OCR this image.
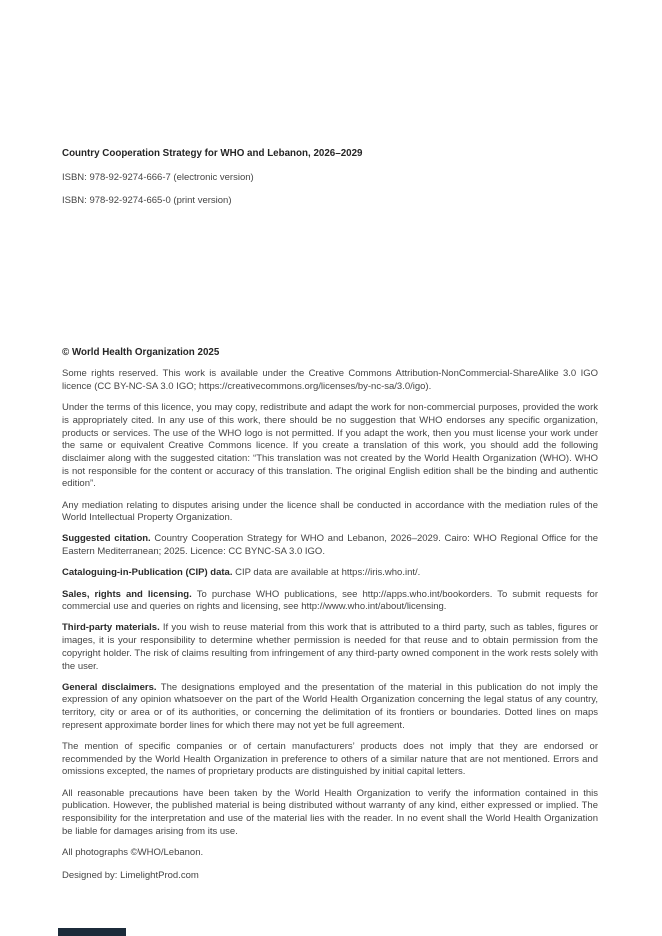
Country Cooperation Strategy for WHO and Lebanon, 2026–2029

ISBN: 978-92-9274-666-7 (electronic version)

ISBN: 978-92-9274-665-0 (print version)

© World Health Organization 2025

Some rights reserved. This work is available under the Creative Commons Attribution-NonCommercial-ShareAlike 3.0 IGO licence (CC BY-NC-SA 3.0 IGO; https://creativecommons.org/licenses/by-nc-sa/3.0/igo).

Under the terms of this licence, you may copy, redistribute and adapt the work for non-commercial purposes, provided the work is appropriately cited. In any use of this work, there should be no suggestion that WHO endorses any specific organization, products or services. The use of the WHO logo is not permitted. If you adapt the work, then you must license your work under the same or equivalent Creative Commons licence. If you create a translation of this work, you should add the following disclaimer along with the suggested citation: “This translation was not created by the World Health Organization (WHO). WHO is not responsible for the content or accuracy of this translation. The original English edition shall be the binding and authentic edition”.

Any mediation relating to disputes arising under the licence shall be conducted in accordance with the mediation rules of the World Intellectual Property Organization.

Suggested citation. Country Cooperation Strategy for WHO and Lebanon, 2026–2029. Cairo: WHO Regional Office for the Eastern Mediterranean; 2025. Licence: CC BYNC-SA 3.0 IGO.

Cataloguing-in-Publication (CIP) data. CIP data are available at https://iris.who.int/.

Sales, rights and licensing. To purchase WHO publications, see http://apps.who.int/bookorders. To submit requests for commercial use and queries on rights and licensing, see http://www.who.int/about/licensing.

Third-party materials. If you wish to reuse material from this work that is attributed to a third party, such as tables, figures or images, it is your responsibility to determine whether permission is needed for that reuse and to obtain permission from the copyright holder. The risk of claims resulting from infringement of any third-party owned component in the work rests solely with the user.

General disclaimers. The designations employed and the presentation of the material in this publication do not imply the expression of any opinion whatsoever on the part of the World Health Organization concerning the legal status of any country, territory, city or area or of its authorities, or concerning the delimitation of its frontiers or boundaries. Dotted lines on maps represent approximate border lines for which there may not yet be full agreement.

The mention of specific companies or of certain manufacturers’ products does not imply that they are endorsed or recommended by the World Health Organization in preference to others of a similar nature that are not mentioned. Errors and omissions excepted, the names of proprietary products are distinguished by initial capital letters.

All reasonable precautions have been taken by the World Health Organization to verify the information contained in this publication. However, the published material is being distributed without warranty of any kind, either expressed or implied. The responsibility for the interpretation and use of the material lies with the reader. In no event shall the World Health Organization be liable for damages arising from its use.

All photographs ©WHO/Lebanon.

Designed by: LimelightProd.com
